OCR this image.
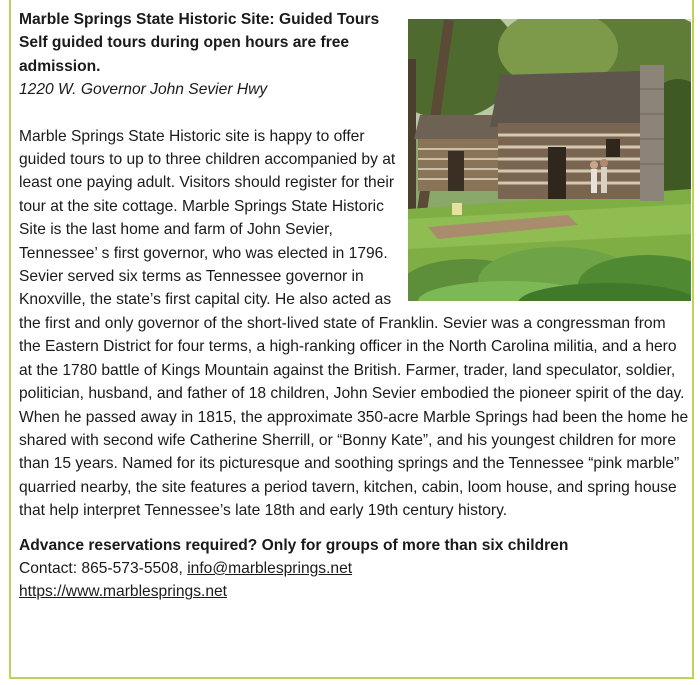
Marble Springs State Historic Site: Guided Tours

Self guided tours during open hours are free admission.

1220 W. Governor John Sevier Hwy

Marble Springs State Historic site is happy to offer guided tours to up to three children accompanied by at least one paying adult. Visitors should register for their tour at the site cottage. Marble Springs State Historic Site is the last home and farm of John Sevier, Tennessee’ s first governor, who was elected in 1796. Sevier served six terms as Tennessee governor in Knoxville, the state’s first capital city. He also acted as the first and only governor of the short-lived state of Franklin. Sevier was a congressman from the Eastern District for four terms, a high-ranking officer in the North Carolina militia, and a hero at the 1780 battle of Kings Mountain against the British. Farmer, trader, land speculator, soldier, politician, husband, and father of 18 children, John Sevier embodied the pioneer spirit of the day. When he passed away in 1815, the approximate 350-acre Marble Springs had been the home he shared with second wife Catherine Sherrill, or “Bonny Kate”, and his youngest children for more than 15 years. Named for its picturesque and soothing springs and the Tennessee “pink marble” quarried nearby, the site features a period tavern, kitchen, cabin, loom house, and spring house that help interpret Tennessee’s late 18th and early 19th century history.

Advance reservations required? Only for groups of more than six children

Contact: 865-573-5508, info@marblesprings.net

https://www.marblesprings.net
